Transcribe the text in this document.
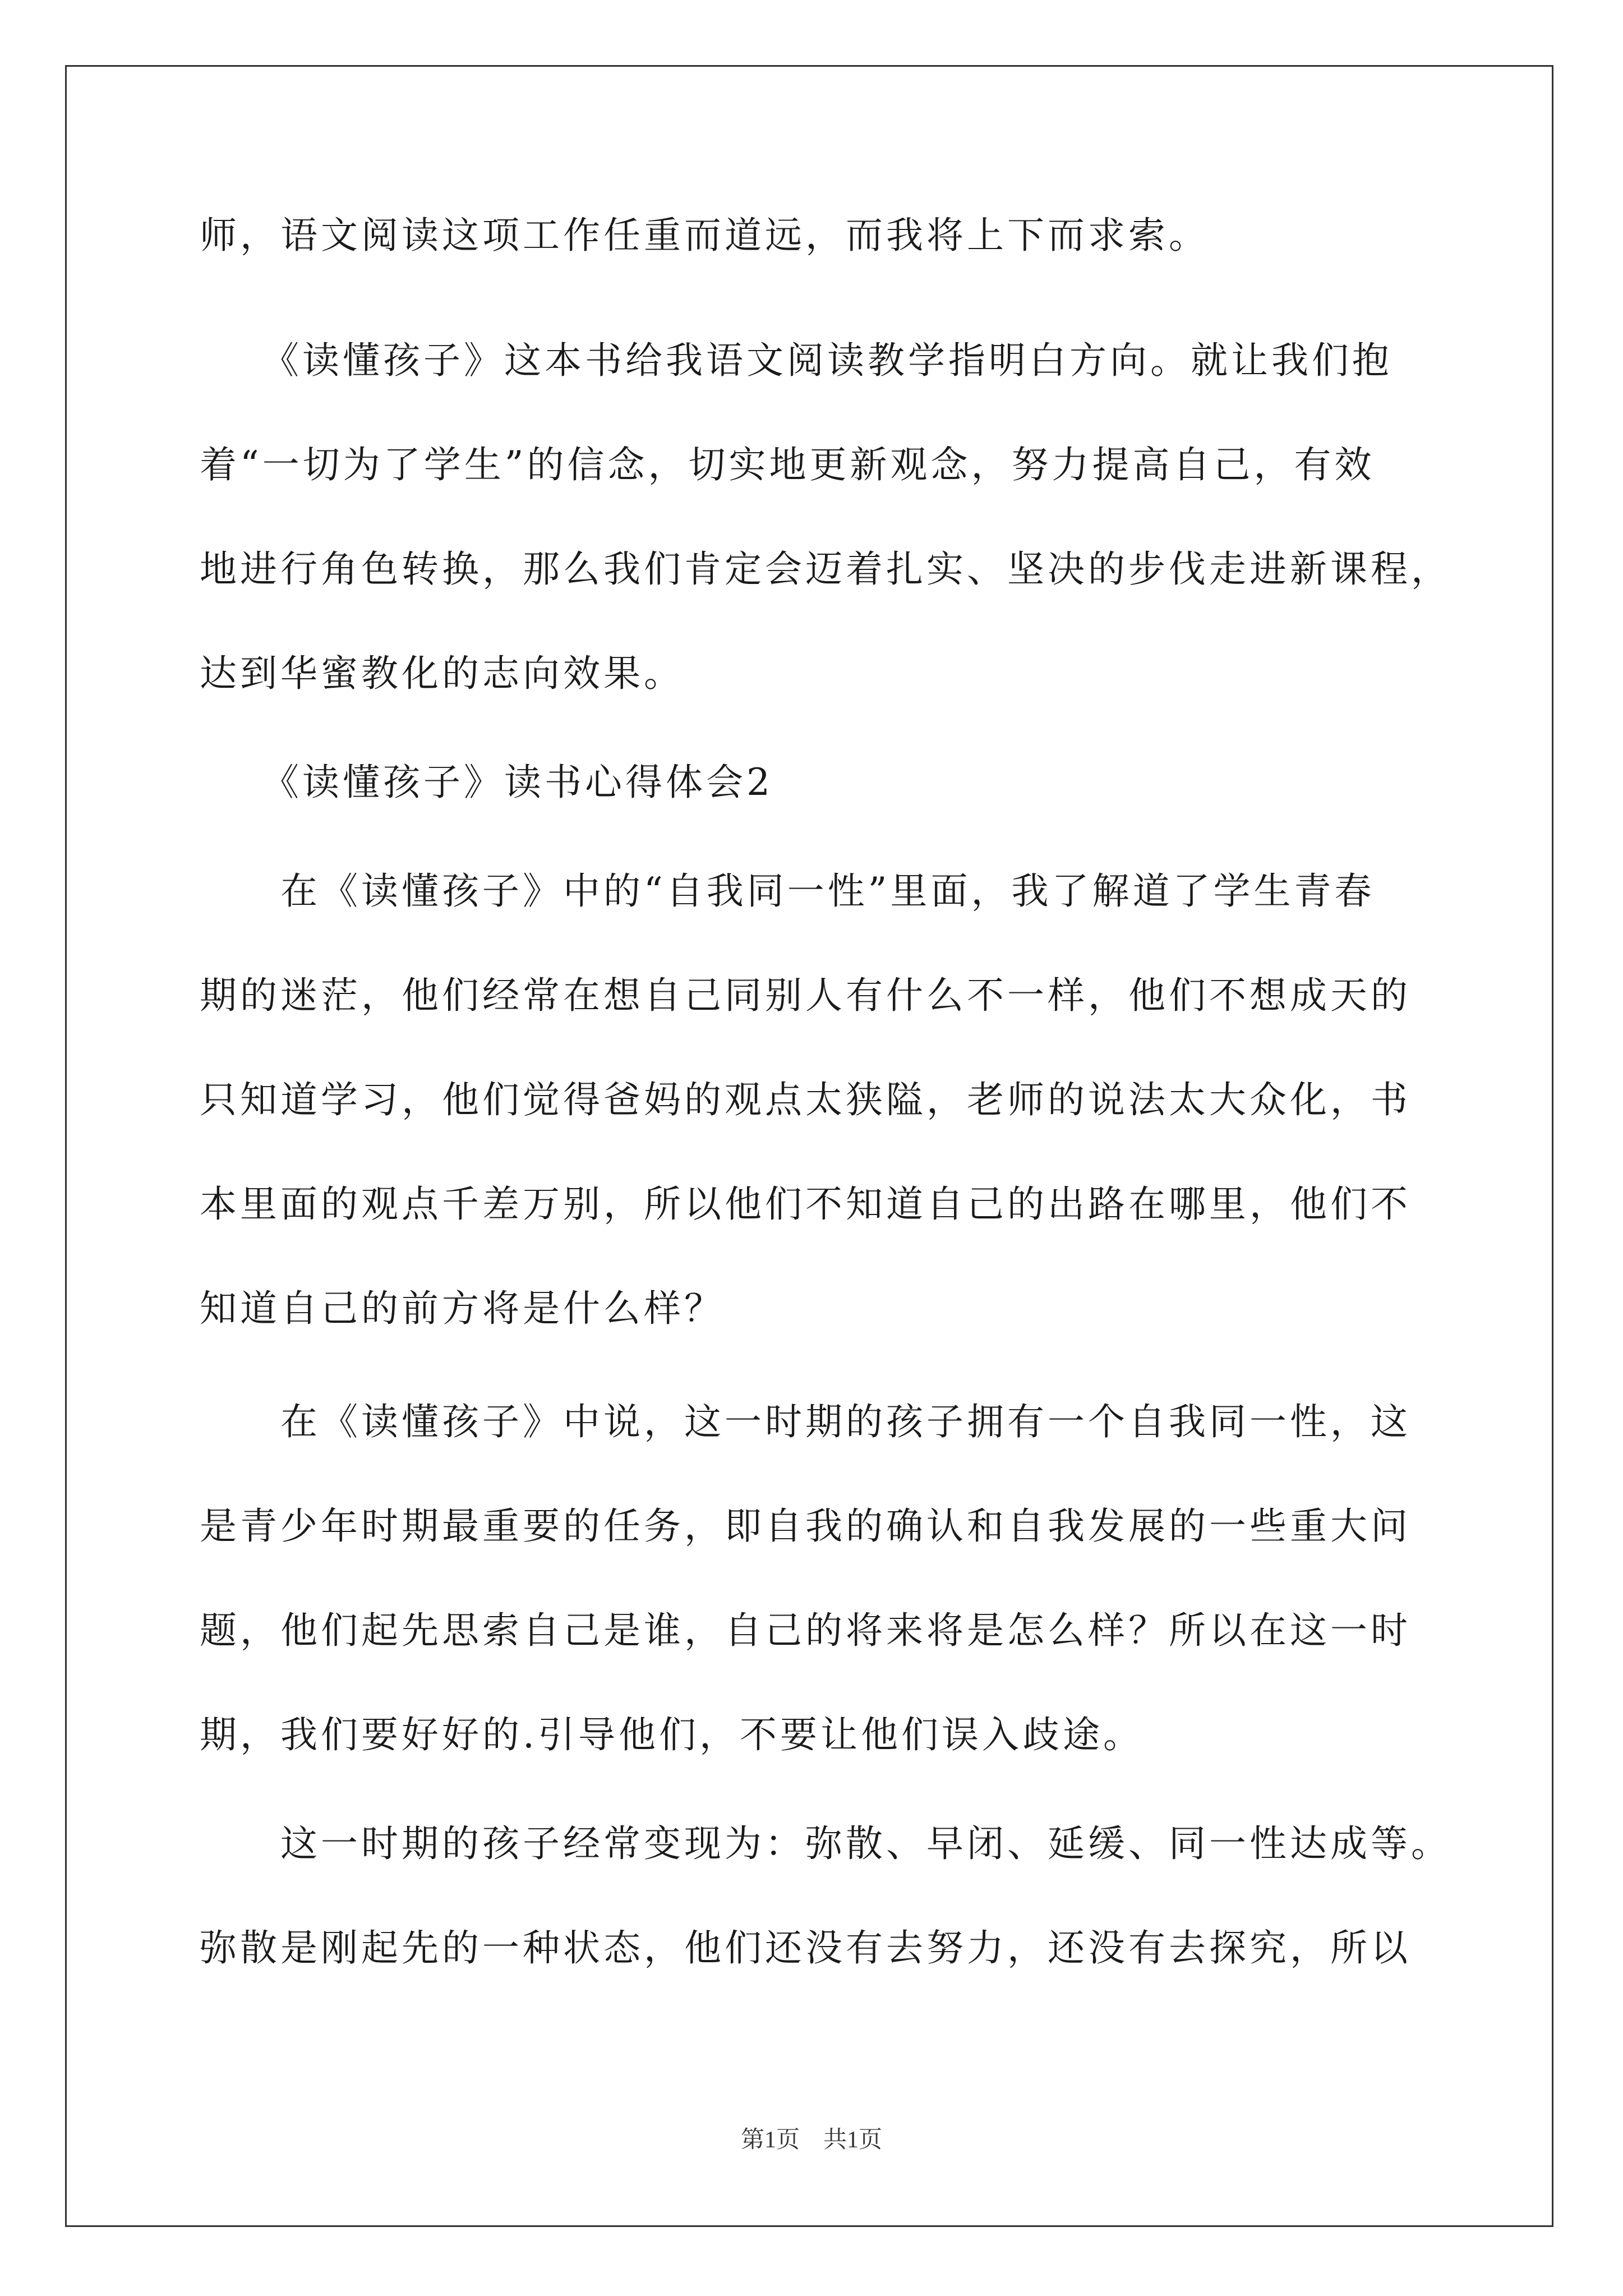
师，语文阅读这项工作任重而道远，而我将上下而求索。
　　《读懂孩子》这本书给我语文阅读教学指明白方向。就让我们抱
着“一切为了学生”的信念，切实地更新观念，努力提高自己，有效
地进行角色转换，那么我们肯定会迈着扎实、坚决的步伐走进新课程，
达到华蜜教化的志向效果。
　　《读懂孩子》读书心得体会2
　　在《读懂孩子》中的“自我同一性”里面，我了解道了学生青春
期的迷茫，他们经常在想自己同别人有什么不一样，他们不想成天的
只知道学习，他们觉得爸妈的观点太狭隘，老师的说法太大众化，书
本里面的观点千差万别，所以他们不知道自己的出路在哪里，他们不
知道自己的前方将是什么样？
　　在《读懂孩子》中说，这一时期的孩子拥有一个自我同一性，这
是青少年时期最重要的任务，即自我的确认和自我发展的一些重大问
题，他们起先思索自己是谁，自己的将来将是怎么样？所以在这一时
期，我们要好好的.引导他们，不要让他们误入歧途。
　　这一时期的孩子经常变现为：弥散、早闭、延缓、同一性达成等。
弥散是刚起先的一种状态，他们还没有去努力，还没有去探究，所以
第1页　共1页
